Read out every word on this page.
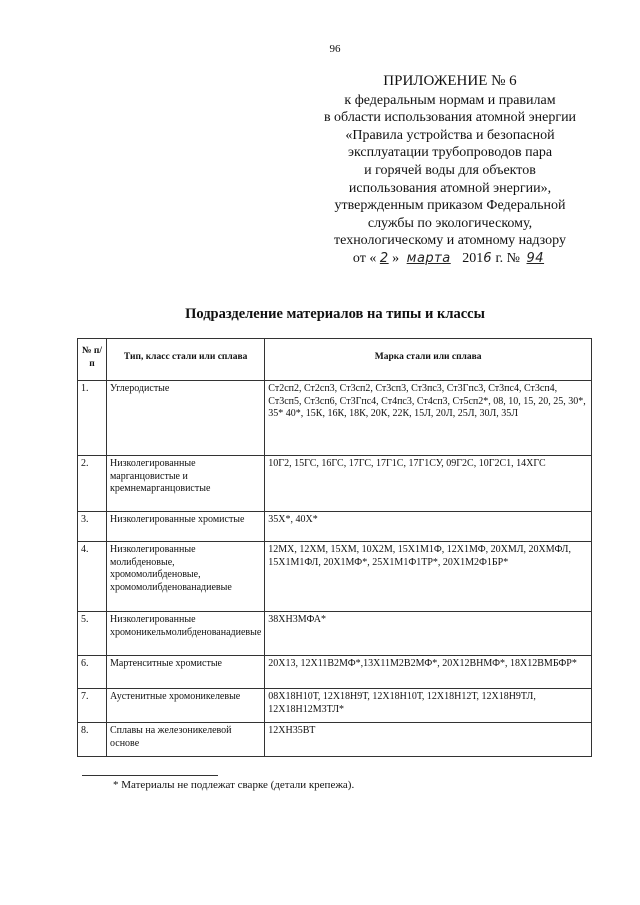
96
ПРИЛОЖЕНИЕ № 6
к федеральным нормам и правилам
в области использования атомной энергии
«Правила устройства и безопасной
эксплуатации трубопроводов пара
и горячей воды для объектов
использования атомной энергии»,
утвержденным приказом Федеральной
службы по экологическому,
технологическому и атомному надзору
от « 2 » марта 2016 г. № 94
Подразделение материалов на типы и классы
№ п/п	Тип, класс стали или сплава	Марка стали или сплава
1.	Углеродистые	Ст2сп2, Ст2сп3, Ст3сп2, Ст3сп3, Ст3пс3, Ст3Гпс3, Ст3пс4, Ст3сп4, Ст3сп5, Ст3сп6, Ст3Гпс4, Ст4пс3, Ст4сп3, Ст5сп2*, 08, 10, 15, 20, 25, 30*, 35* 40*, 15К, 16К, 18К, 20К, 22К, 15Л, 20Л, 25Л, 30Л, 35Л
2.	Низколегированные марганцовистые и кремнемарганцовистые	10Г2, 15ГС, 16ГС, 17ГС, 17Г1С, 17Г1СУ, 09Г2С, 10Г2С1, 14ХГС
3.	Низколегированные хромистые	35Х*, 40Х*
4.	Низколегированные молибденовые, хромомолибденовые, хромомолибденованадиевые	12МХ, 12ХМ, 15ХМ, 10Х2М, 15Х1М1Ф, 12Х1МФ, 20ХМЛ, 20ХМФЛ, 15Х1М1ФЛ, 20Х1МФ*, 25Х1М1Ф1ТР*, 20Х1М2Ф1БР*
5.	Низколегированные хромоникельмолибденованадиевые	38ХН3МФА*
6.	Мартенситные хромистые	20Х13, 12Х11В2МФ*,13Х11М2В2МФ*, 20Х12ВНМФ*, 18Х12ВМБФР*
7.	Аустенитные хромоникелевые	08Х18Н10Т, 12Х18Н9Т, 12Х18Н10Т, 12Х18Н12Т, 12Х18Н9ТЛ, 12Х18Н12М3ТЛ*
8.	Сплавы на железоникелевой основе	12ХН35ВТ
* Материалы не подлежат сварке (детали крепежа).
